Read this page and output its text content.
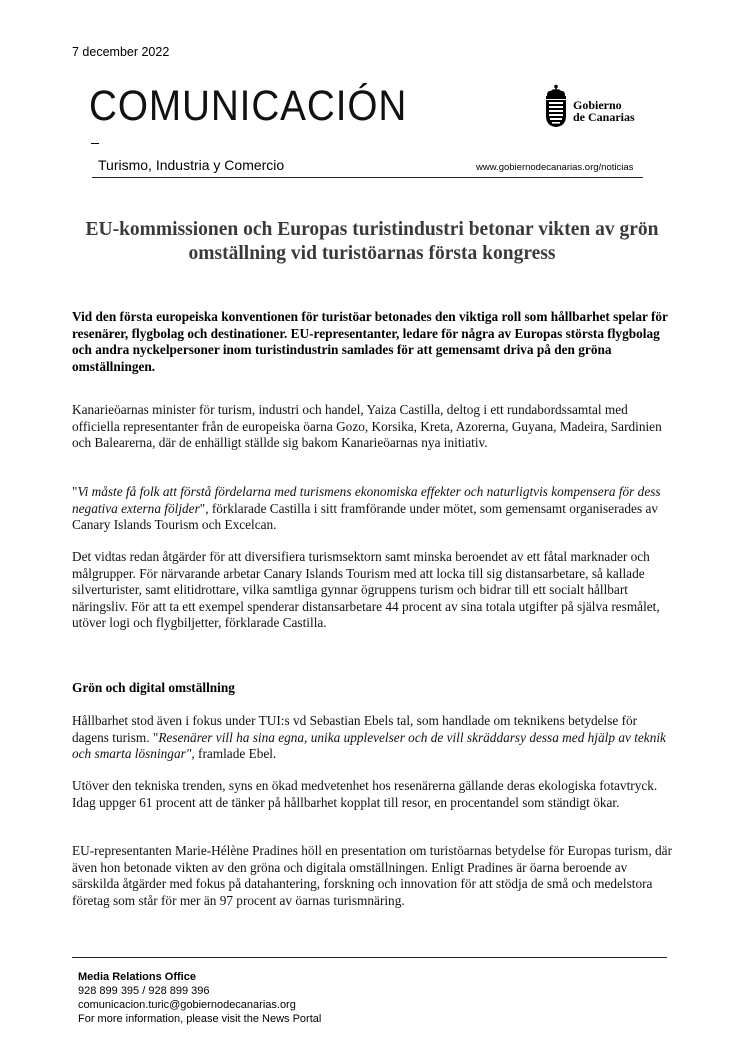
7 december 2022
COMUNICACIÓN	Gobierno
de Canarias
Turismo, Industria y Comercio	www.gobiernodecanarias.org/noticias
EU-kommissionen och Europas turistindustri betonar vikten av grön omställning vid turistöarnas första kongress

Vid den första europeiska konventionen för turistöar betonades den viktiga roll som hållbarhet spelar för resenärer, flygbolag och destinationer. EU-representanter, ledare för några av Europas största flygbolag och andra nyckelpersoner inom turistindustrin samlades för att gemensamt driva på den gröna omställningen.

Kanarieöarnas minister för turism, industri och handel, Yaiza Castilla, deltog i ett rundabordssamtal med officiella representanter från de europeiska öarna Gozo, Korsika, Kreta, Azorerna, Guyana, Madeira, Sardinien och Balearerna, där de enhälligt ställde sig bakom Kanarieöarnas nya initiativ.

"Vi måste få folk att förstå fördelarna med turismens ekonomiska effekter och naturligtvis kompensera för dess negativa externa följder", förklarade Castilla i sitt framförande under mötet, som gemensamt organiserades av Canary Islands Tourism och Excelcan.

Det vidtas redan åtgärder för att diversifiera turismsektorn samt minska beroendet av ett fåtal marknader och målgrupper. För närvarande arbetar Canary Islands Tourism med att locka till sig distansarbetare, så kallade silverturister, samt elitidrottare, vilka samtliga gynnar ögruppens turism och bidrar till ett socialt hållbart näringsliv. För att ta ett exempel spenderar distansarbetare 44 procent av sina totala utgifter på själva resmålet, utöver logi och flygbiljetter, förklarade Castilla.

Grön och digital omställning

Hållbarhet stod även i fokus under TUI:s vd Sebastian Ebels tal, som handlade om teknikens betydelse för dagens turism. "Resenärer vill ha sina egna, unika upplevelser och de vill skräddarsy dessa med hjälp av teknik och smarta lösningar", framlade Ebel.

Utöver den tekniska trenden, syns en ökad medvetenhet hos resenärerna gällande deras ekologiska fotavtryck. Idag uppger 61 procent att de tänker på hållbarhet kopplat till resor, en procentandel som ständigt ökar.

EU-representanten Marie-Hélène Pradines höll en presentation om turistöarnas betydelse för Europas turism, där även hon betonade vikten av den gröna och digitala omställningen. Enligt Pradines är öarna beroende av särskilda åtgärder med fokus på datahantering, forskning och innovation för att stödja de små och medelstora företag som står för mer än 97 procent av öarnas turismnäring.

Media Relations Office
928 899 395 / 928 899 396
comunicacion.turic@gobiernodecanarias.org
For more information, please visit the News Portal
